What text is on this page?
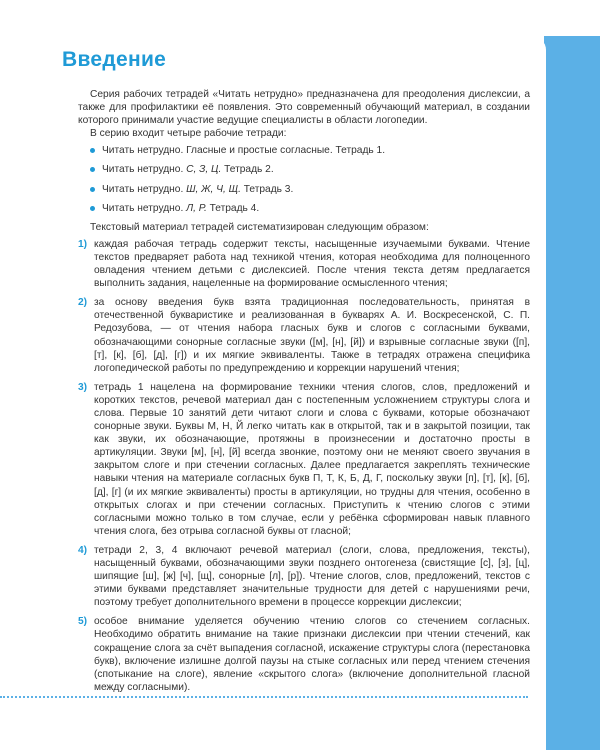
Введение

Серия рабочих тетрадей «Читать нетрудно» предназначена для преодоления дислексии, а также для профилактики её появления. Это современный обучающий материал, в создании которого принимали участие ведущие специалисты в области логопедии.

В серию входит четыре рабочие тетради:

Читать нетрудно. Гласные и простые согласные. Тетрадь 1.
Читать нетрудно. С, З, Ц. Тетрадь 2.
Читать нетрудно. Ш, Ж, Ч, Щ. Тетрадь 3.
Читать нетрудно. Л, Р. Тетрадь 4.

Текстовый материал тетрадей систематизирован следующим образом:

1) каждая рабочая тетрадь содержит тексты, насыщенные изучаемыми буквами. Чтение текстов предваряет работа над техникой чтения, которая необходима для полноценного овладения чтением детьми с дислексией. После чтения текста детям предлагается выполнить задания, нацеленные на формирование осмысленного чтения;
2) за основу введения букв взята традиционная последовательность, принятая в отечественной букваристике и реализованная в букварях А. И. Воскресенской, С. П. Редозубова, — от чтения набора гласных букв и слогов с согласными буквами, обозначающими сонорные согласные звуки ([м], [н], [й]) и взрывные согласные звуки ([п], [т], [к], [б], [д], [г]) и их мягкие эквиваленты. Также в тетрадях отражена специфика логопедической работы по предупреждению и коррекции нарушений чтения;
3) тетрадь 1 нацелена на формирование техники чтения слогов, слов, предложений и коротких текстов, речевой материал дан с постепенным усложнением структуры слога и слова. Первые 10 занятий дети читают слоги и слова с буквами, которые обозначают сонорные звуки. Буквы М, Н, Й легко читать как в открытой, так и в закрытой позиции, так как звуки, их обозначающие, протяжны в произнесении и достаточно просты в артикуляции. Звуки [м], [н], [й] всегда звонкие, поэтому они не меняют своего звучания в закрытом слоге и при стечении согласных. Далее предлагается закреплять технические навыки чтения на материале согласных букв П, Т, К, Б, Д, Г, поскольку звуки [п], [т], [к], [б], [д], [г] (и их мягкие эквиваленты) просты в артикуляции, но трудны для чтения, особенно в открытых слогах и при стечении согласных. Приступить к чтению слогов с этими согласными можно только в том случае, если у ребёнка сформирован навык плавного чтения слога, без отрыва согласной буквы от гласной;
4) тетради 2, 3, 4 включают речевой материал (слоги, слова, предложения, тексты), насыщенный буквами, обозначающими звуки позднего онтогенеза (свистящие [с], [з], [ц], шипящие [ш], [ж] [ч], [щ], сонорные [л], [р]). Чтение слогов, слов, предложений, текстов с этими буквами представляет значительные трудности для детей с нарушениями речи, поэтому требует дополнительного времени в процессе коррекции дислексии;
5) особое внимание уделяется обучению чтению слогов со стечением согласных. Необходимо обратить внимание на такие признаки дислексии при чтении стечений, как сокращение слога за счёт выпадения согласной, искажение структуры слога (перестановка букв), включение излишне долгой паузы на стыке согласных или перед чтением стечения (спотыкание на слоге), явление «скрытого слога» (включение дополнительной гласной между согласными).	3
